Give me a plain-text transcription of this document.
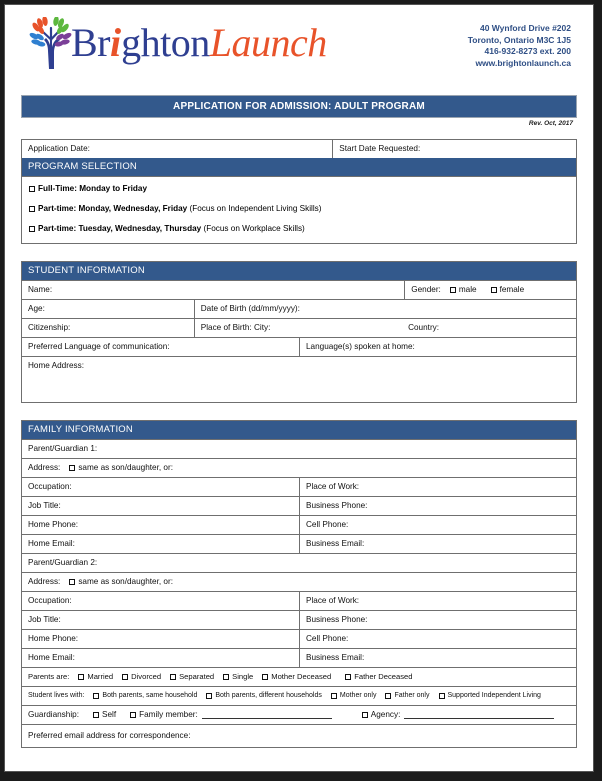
BrightonLaunch	40 Wynford Drive #202
Toronto, Ontario M3C 1J5
416-932-8273 ext. 200
www.brightonlaunch.ca
APPLICATION FOR ADMISSION: ADULT PROGRAM
Rev. Oct, 2017
Application Date:	Start Date Requested:
PROGRAM SELECTION
Full-Time: Monday to Friday
Part-time: Monday, Wednesday, Friday (Focus on Independent Living Skills)
Part-time: Tuesday, Wednesday, Thursday (Focus on Workplace Skills)
STUDENT INFORMATION
Name:	Gender: male	female
Age:	Date of Birth (dd/mm/yyyy):
Citizenship:	Place of Birth: City:	Country:
Preferred Language of communication:	Language(s) spoken at home:
Home Address:
FAMILY INFORMATION
Parent/Guardian 1:
Address: same as son/daughter, or:
Occupation:	Place of Work:
Job Title:	Business Phone:
Home Phone:	Cell Phone:
Home Email:	Business Email:
Parent/Guardian 2:
Address: same as son/daughter, or:
Occupation:	Place of Work:
Job Title:	Business Phone:
Home Phone:	Cell Phone:
Home Email:	Business Email:
Parents are: Married Divorced Separated Single Mother Deceased	Father Deceased
Student lives with:	Both parents, same household	Both parents, different households	Mother only	Father only	Supported Independent Living
Guardianship:	Self	Family member:	Agency:
Preferred email address for correspondence:
